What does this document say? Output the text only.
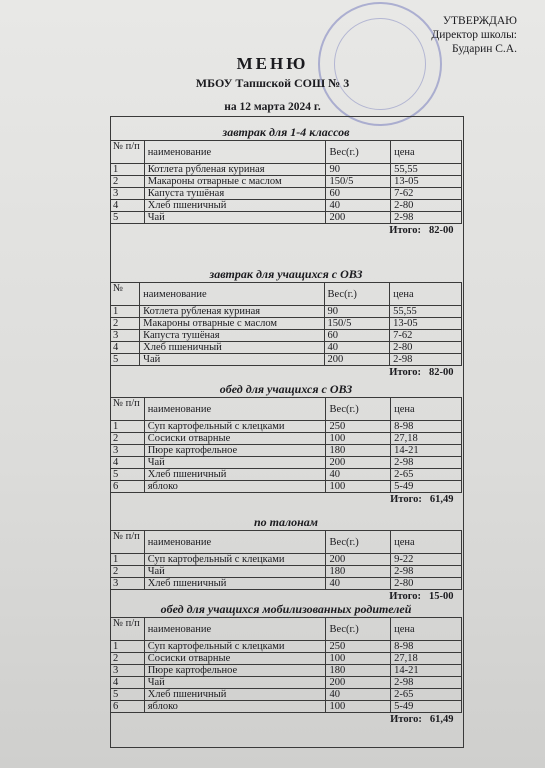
УТВЕРЖДАЮ
Директор школы:
Бударин С.А.
МЕНЮ
МБОУ Тапшской СОШ № 3
на 12 марта 2024 г.
завтрак для 1-4 классов
№ п/п	наименование	Вес(г.)	цена
1	Котлета рубленая куриная	90	55,55
2	Макароны отварные с маслом	150/5	13-05
3	Капуста тушёная	60	7-62
4	Хлеб пшеничный	40	2-80
5	Чай	200	2-98
Итого: 82-00			
завтрак для учащихся с ОВЗ
№	наименование	Вес(г.)	цена
1	Котлета рубленая куриная	90	55,55
2	Макароны отварные с маслом	150/5	13-05
3	Капуста тушёная	60	7-62
4	Хлеб пшеничный	40	2-80
5	Чай	200	2-98
Итого: 82-00			
обед для учащихся с ОВЗ
№ п/п	наименование	Вес(г.)	цена
1	Суп картофельный с клецками	250	8-98
2	Сосиски отварные	100	27,18
3	Пюре картофельное	180	14-21
4	Чай	200	2-98
5	Хлеб пшеничный	40	2-65
6	яблоко	100	5-49
Итого: 61,49			
по талонам
№ п/п	наименование	Вес(г.)	цена
1	Суп картофельный с клецками	200	9-22
2	Чай	180	2-98
3	Хлеб пшеничный	40	2-80
Итого: 15-00			
обед для учащихся мобилизованных родителей
№ п/п	наименование	Вес(г.)	цена
1	Суп картофельный с клецками	250	8-98
2	Сосиски отварные	100	27,18
3	Пюре картофельное	180	14-21
4	Чай	200	2-98
5	Хлеб пшеничный	40	2-65
6	яблоко	100	5-49
Итого: 61,49			
